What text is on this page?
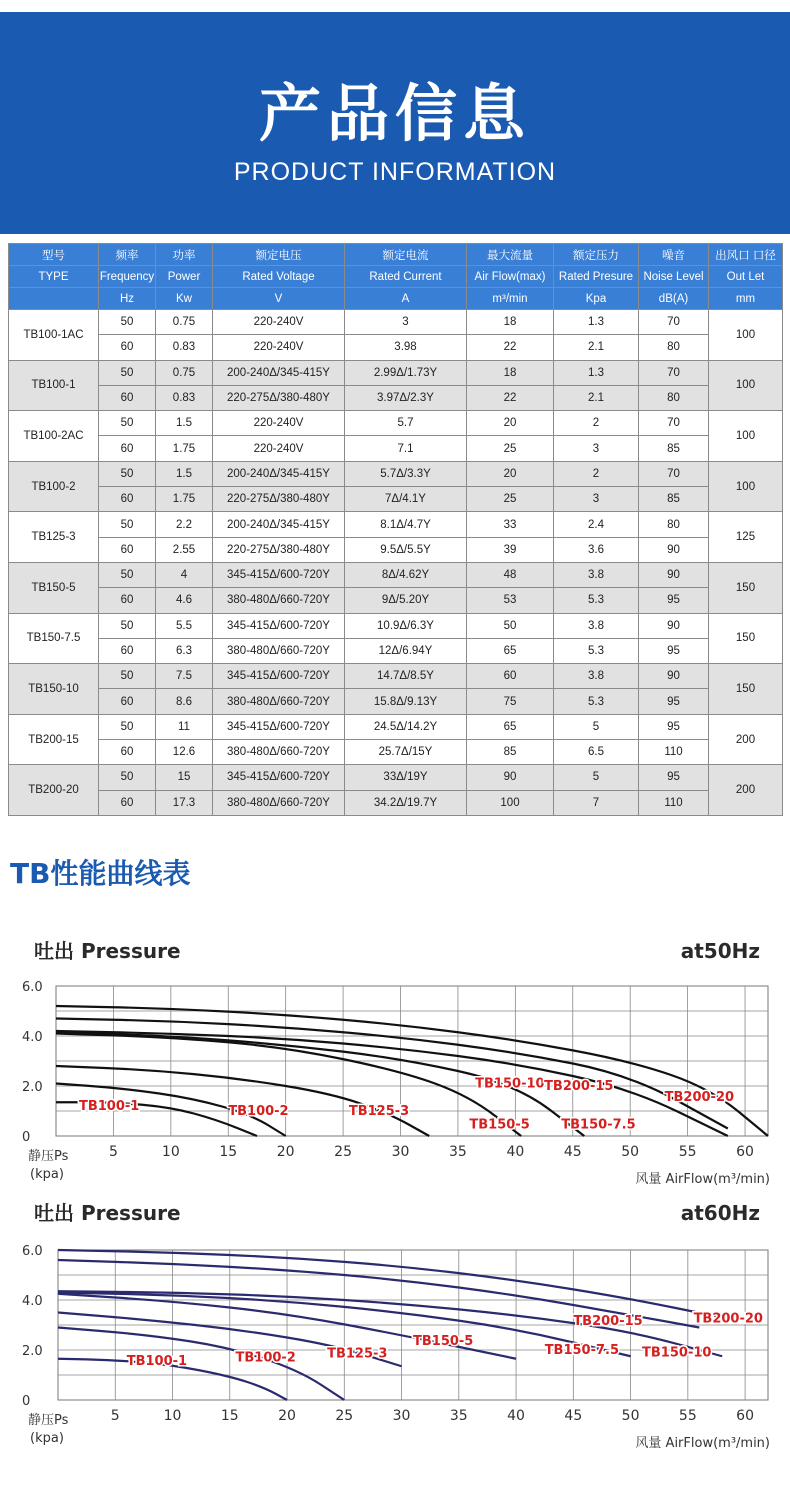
产品信息
PRODUCT INFORMATION
型号	频率	功率	额定电压	额定电流	最大流量	额定压力	噪音	出风口 口径
TYPE	Frequency	Power	Rated Voltage	Rated Current	Air Flow(max)	Rated Presure	Noise Level	Out Let
	Hz	Kw	V	A	m³/min	Kpa	dB(A)	mm
TB100-1AC	50	0.75	220-240V	3	18	1.3	70	100
	60	0.83	220-240V	3.98	22	2.1	80	
TB100-1	50	0.75	200-240Δ/345-415Y	2.99Δ/1.73Y	18	1.3	70	100
	60	0.83	220-275Δ/380-480Y	3.97Δ/2.3Y	22	2.1	80	
TB100-2AC	50	1.5	220-240V	5.7	20	2	70	100
	60	1.75	220-240V	7.1	25	3	85	
TB100-2	50	1.5	200-240Δ/345-415Y	5.7Δ/3.3Y	20	2	70	100
	60	1.75	220-275Δ/380-480Y	7Δ/4.1Y	25	3	85	
TB125-3	50	2.2	200-240Δ/345-415Y	8.1Δ/4.7Y	33	2.4	80	125
	60	2.55	220-275Δ/380-480Y	9.5Δ/5.5Y	39	3.6	90	
TB150-5	50	4	345-415Δ/600-720Y	8Δ/4.62Y	48	3.8	90	150
	60	4.6	380-480Δ/660-720Y	9Δ/5.20Y	53	5.3	95	
TB150-7.5	50	5.5	345-415Δ/600-720Y	10.9Δ/6.3Y	50	3.8	90	150
	60	6.3	380-480Δ/660-720Y	12Δ/6.94Y	65	5.3	95	
TB150-10	50	7.5	345-415Δ/600-720Y	14.7Δ/8.5Y	60	3.8	90	150
	60	8.6	380-480Δ/660-720Y	15.8Δ/9.13Y	75	5.3	95	
TB200-15	50	11	345-415Δ/600-720Y	24.5Δ/14.2Y	65	5	95	200
	60	12.6	380-480Δ/660-720Y	25.7Δ/15Y	85	6.5	110	
TB200-20	50	15	345-415Δ/600-720Y	33Δ/19Y	90	5	95	200
	60	17.3	380-480Δ/660-720Y	34.2Δ/19.7Y	100	7	110	
TB性能曲线表
吐出 Pressure	at50Hz
0
2.0
4.0
6.0
5	10	15	20	25	30	35	40	45	50	55	60
静压Ps
(kpa)	风量 AirFlow(m³/min)
TB100-1	TB100-2	TB125-3
TB150-5 TB150-7.5
TB150-10 TB200-15
TB200-20
吐出 Pressure	at60Hz
0
2.0
4.0
6.0
5	10	15	20	25	30	35	40	45	50	55	60
静压Ps
(kpa)	风量 AirFlow(m³/min)
TB100-1	TB100-2 TB125-3
TB150-5
TB150-7.5 TB150-10
TB200-15	TB200-20
